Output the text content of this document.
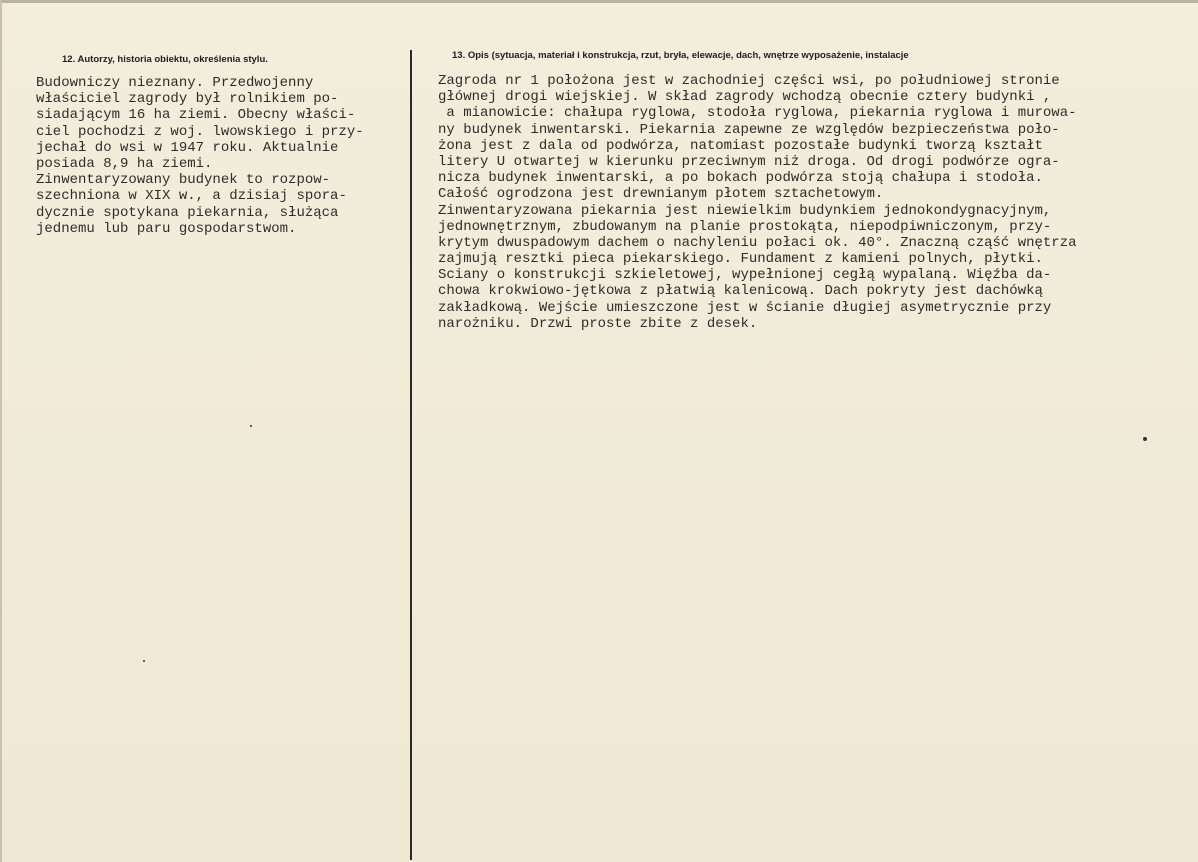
12. Autorzy, historia obiektu, określenia stylu.	13. Opis (sytuacja, materiał i konstrukcja, rzut, bryła, elewacje, dach, wnętrze wyposażenie, instalacje
Budowniczy nieznany. Przedwojenny
właściciel zagrody był rolnikiem po-
siadającym 16 ha ziemi. Obecny właści-
ciel pochodzi z woj. lwowskiego i przy-
jechał do wsi w 1947 roku. Aktualnie
posiada 8,9 ha ziemi.
Zinwentaryzowany budynek to rozpow-
szechniona w XIX w., a dzisiaj spora-
dycznie spotykana piekarnia, służąca
jednemu lub paru gospodarstwom.
Zagroda nr 1 położona jest w zachodniej części wsi, po południowej stronie
głównej drogi wiejskiej. W skład zagrody wchodzą obecnie cztery budynki ,
a mianowicie: chałupa ryglowa, stodoła ryglowa, piekarnia ryglowa i murowa-
ny budynek inwentarski. Piekarnia zapewne ze względów bezpieczeństwa poło-
żona jest z dala od podwórza, natomiast pozostałe budynki tworzą kształt
litery U otwartej w kierunku przeciwnym niż droga. Od drogi podwórze ogra-
nicza budynek inwentarski, a po bokach podwórza stoją chałupa i stodoła.
Całość ogrodzona jest drewnianym płotem sztachetowym.
Zinwentaryzowana piekarnia jest niewielkim budynkiem jednokondygnacyjnym,
jednownętrznym, zbudowanym na planie prostokąta, niepodpiwniczonym, przy-
krytym dwuspadowym dachem o nachyleniu połaci ok. 40°. Znaczną cząść wnętrza
zajmują resztki pieca piekarskiego. Fundament z kamieni polnych, płytki.
Sciany o konstrukcji szkieletowej, wypełnionej cegłą wypalaną. Więźba da-
chowa krokwiowo-jętkowa z płatwią kalenicową. Dach pokryty jest dachówką
zakładkową. Wejście umieszczone jest w ścianie długiej asymetrycznie przy
narożniku. Drzwi proste zbite z desek.
